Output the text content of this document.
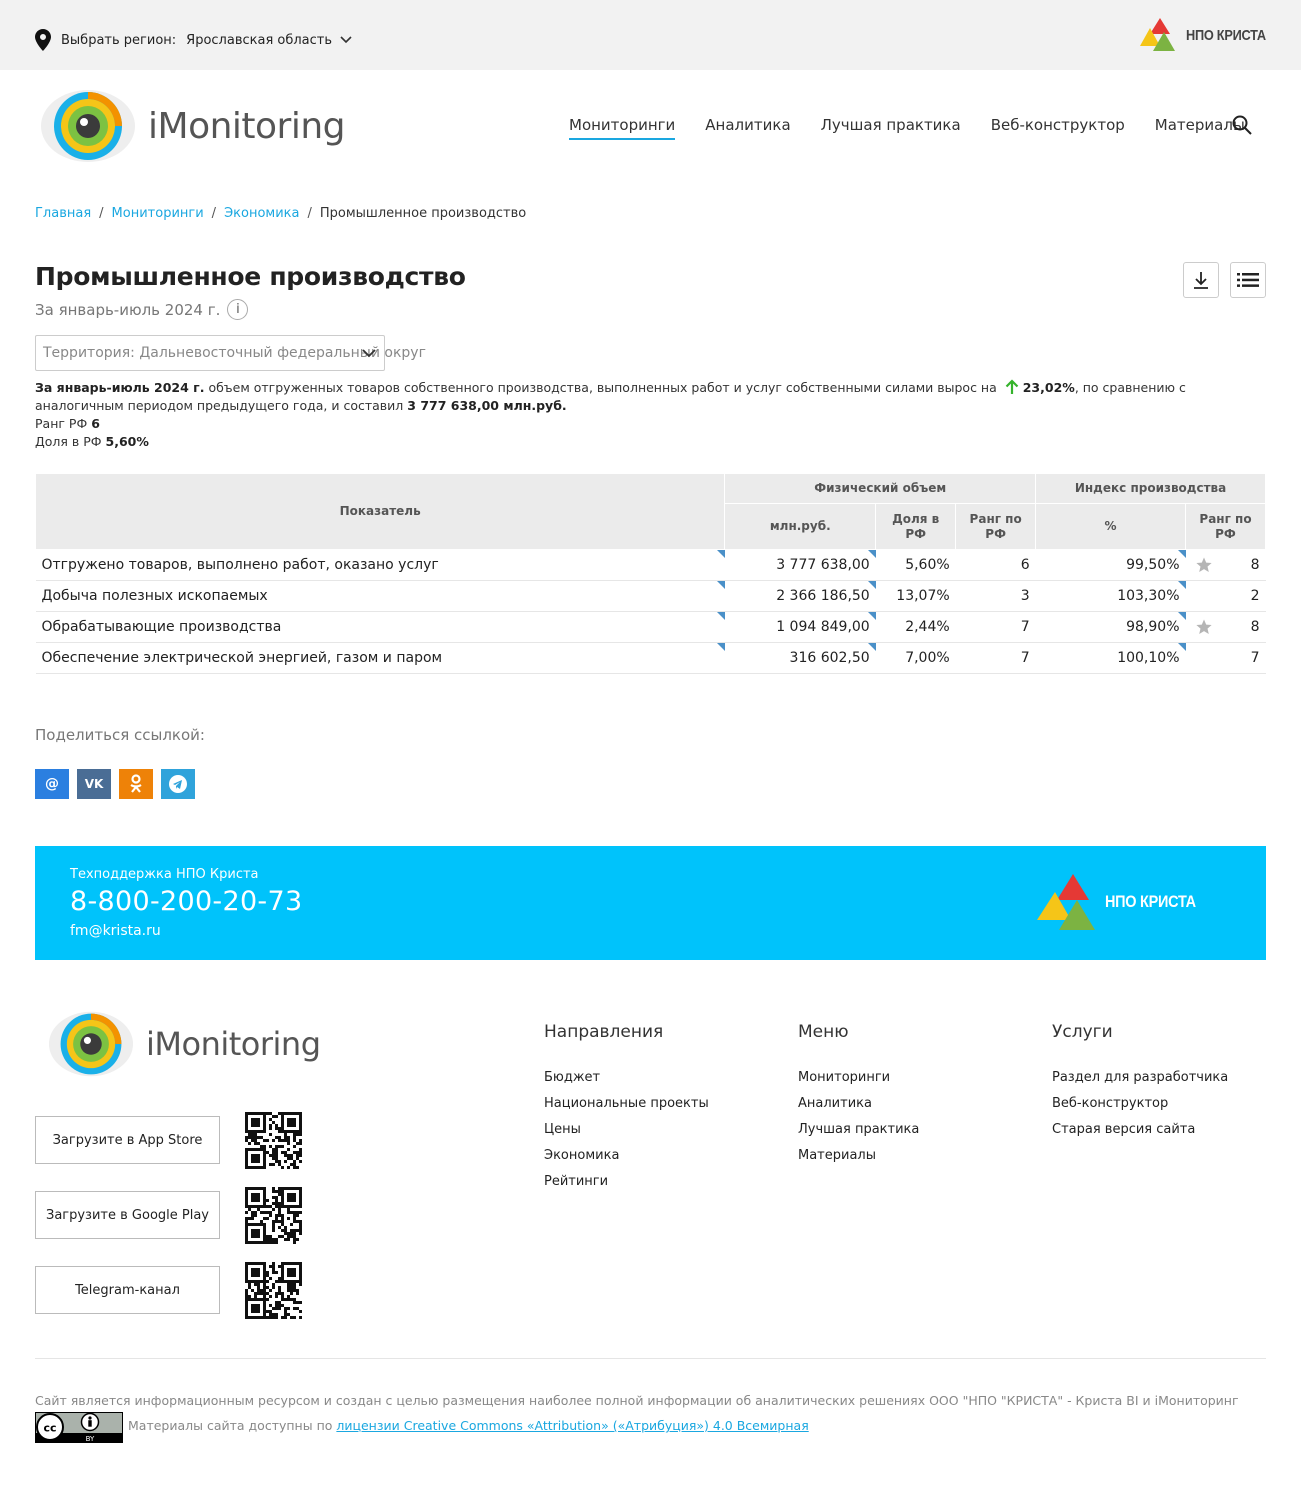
Выбрать регион: Ярославская область	НПО КРИСТА
iMonitoring	Мониторинги Аналитика Лучшая практика Веб-конструктор Материалы
Главная / Мониторинги / Экономика / Промышленное производство
Промышленное производство
За январь-июль 2024 г.	i
Территория: Дальневосточный федеральный округ
За январь-июль 2024 г. объем отгруженных товаров собственного производства, выполненных работ и услуг собственными силами вырос на 23,02%, по сравнению с аналогичным периодом предыдущего года, и составил 3 777 638,00 млн.руб.
Ранг РФ 6
Доля в РФ 5,60%
Показатель	Физический объем			Индекс производства	
	млн.руб.	Доля в РФ	Ранг по РФ	%	Ранг по РФ
Отгружено товаров, выполнено работ, оказано услуг	3 777 638,00	5,60%	6	99,50%	8

Добыча полезных ископаемых	2 366 186,50	13,07%	3	103,30%	2
Обрабатывающие производства	1 094 849,00	2,44%	7	98,90%	8

Обеспечение электрической энергией, газом и паром	316 602,50	7,00%	7	100,10%	7
Поделиться ссылкой:
@ VK
Техподдержка НПО Криста
8-800-200-20-73
fm@krista.ru
НПО КРИСТА
iMonitoring
Загрузите в App Store
Загрузите в Google Play
Telegram-канал
Направления
Бюджет
Национальные проекты
Цены
Экономика
Рейтинги
Меню
Мониторинги
Аналитика
Лучшая практика
Материалы
Услуги
Раздел для разработчика
Веб-конструктор
Старая версия сайта
Сайт является информационным ресурсом и создан с целью размещения наиболее полной информации об аналитических решениях ООО "НПО "КРИСТА" - Криста BI и iМониторинг
cc
BY
Материалы сайта доступны по лицензии Creative Commons «Attribution» («Атрибуция») 4.0 Всемирная
